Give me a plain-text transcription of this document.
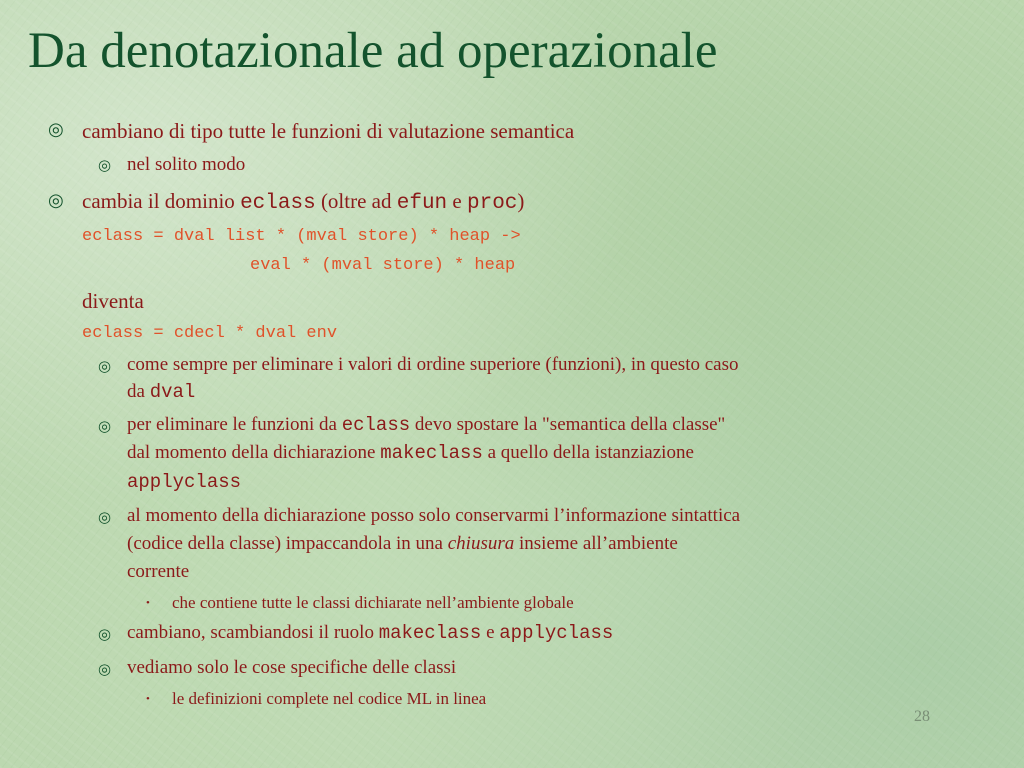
Da denotazionale ad operazionale
◎ cambiano di tipo tutte le funzioni di valutazione semantica
◎ nel solito modo
◎ cambia il dominio eclass (oltre ad efun e proc)
eclass = dval list * (mval store) * heap ->
eval * (mval store) * heap
diventa
eclass = cdecl * dval env
◎ come sempre per eliminare i valori di ordine superiore (funzioni), in questo caso
da dval
◎ per eliminare le funzioni da eclass devo spostare la "semantica della classe"
dal momento della dichiarazione makeclass a quello della istanziazione
applyclass
◎ al momento della dichiarazione posso solo conservarmi l’informazione sintattica
(codice della classe) impaccandola in una chiusura insieme all’ambiente
corrente
• che contiene tutte le classi dichiarate nell’ambiente globale
◎ cambiano, scambiandosi il ruolo makeclass e applyclass
◎ vediamo solo le cose specifiche delle classi
• le definizioni complete nel codice ML in linea
28
